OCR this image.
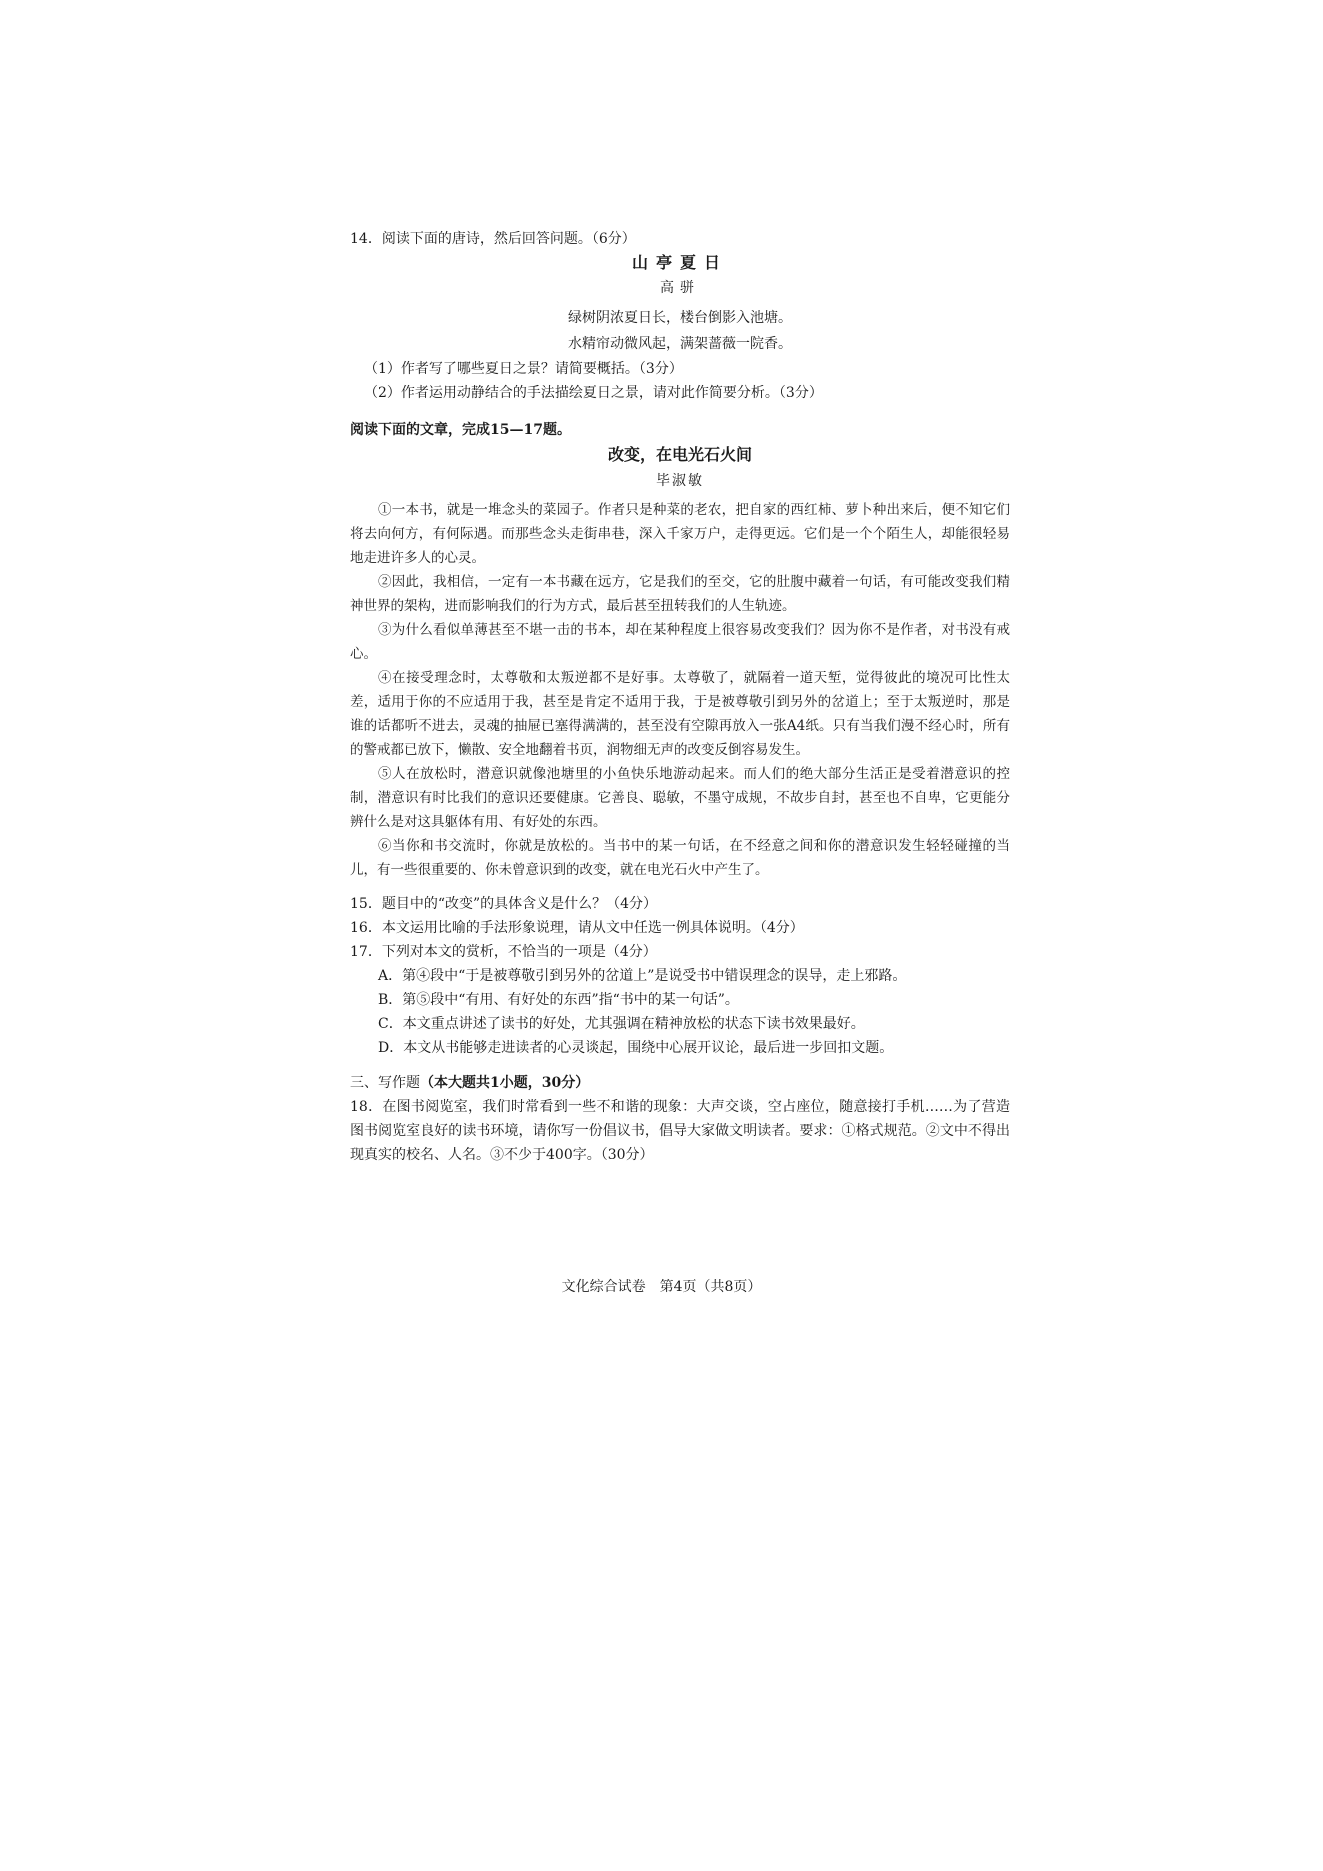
14．阅读下面的唐诗，然后回答问题。（6分）

山亭夏日

高骈

绿树阴浓夏日长，楼台倒影入池塘。

水精帘动微风起，满架蔷薇一院香。

（1）作者写了哪些夏日之景？请简要概括。（3分）

（2）作者运用动静结合的手法描绘夏日之景，请对此作简要分析。（3分）

阅读下面的文章，完成15—17题。

改变，在电光石火间

毕淑敏

①一本书，就是一堆念头的菜园子。作者只是种菜的老农，把自家的西红柿、萝卜种出来后，便不知它们将去向何方，有何际遇。而那些念头走街串巷，深入千家万户，走得更远。它们是一个个陌生人，却能很轻易地走进许多人的心灵。

②因此，我相信，一定有一本书藏在远方，它是我们的至交，它的肚腹中藏着一句话，有可能改变我们精神世界的架构，进而影响我们的行为方式，最后甚至扭转我们的人生轨迹。

③为什么看似单薄甚至不堪一击的书本，却在某种程度上很容易改变我们？因为你不是作者，对书没有戒心。

④在接受理念时，太尊敬和太叛逆都不是好事。太尊敬了，就隔着一道天堑，觉得彼此的境况可比性太差，适用于你的不应适用于我，甚至是肯定不适用于我，于是被尊敬引到另外的岔道上；至于太叛逆时，那是谁的话都听不进去，灵魂的抽屉已塞得满满的，甚至没有空隙再放入一张A4纸。只有当我们漫不经心时，所有的警戒都已放下，懒散、安全地翻着书页，润物细无声的改变反倒容易发生。

⑤人在放松时，潜意识就像池塘里的小鱼快乐地游动起来。而人们的绝大部分生活正是受着潜意识的控制，潜意识有时比我们的意识还要健康。它善良、聪敏，不墨守成规，不故步自封，甚至也不自卑，它更能分辨什么是对这具躯体有用、有好处的东西。

⑥当你和书交流时，你就是放松的。当书中的某一句话，在不经意之间和你的潜意识发生轻轻碰撞的当儿，有一些很重要的、你未曾意识到的改变，就在电光石火中产生了。

15．题目中的“改变”的具体含义是什么？（4分）

16．本文运用比喻的手法形象说理，请从文中任选一例具体说明。（4分）

17．下列对本文的赏析，不恰当的一项是（4分）

A．第④段中“于是被尊敬引到另外的岔道上”是说受书中错误理念的误导，走上邪路。

B．第⑤段中“有用、有好处的东西”指“书中的某一句话”。

C．本文重点讲述了读书的好处，尤其强调在精神放松的状态下读书效果最好。

D．本文从书能够走进读者的心灵谈起，围绕中心展开议论，最后进一步回扣文题。

三、写作题（本大题共1小题，30分）

18．在图书阅览室，我们时常看到一些不和谐的现象：大声交谈，空占座位，随意接打手机……为了营造图书阅览室良好的读书环境，请你写一份倡议书，倡导大家做文明读者。要求：①格式规范。②文中不得出现真实的校名、人名。③不少于400字。（30分）

文化综合试卷　第4页（共8页）
